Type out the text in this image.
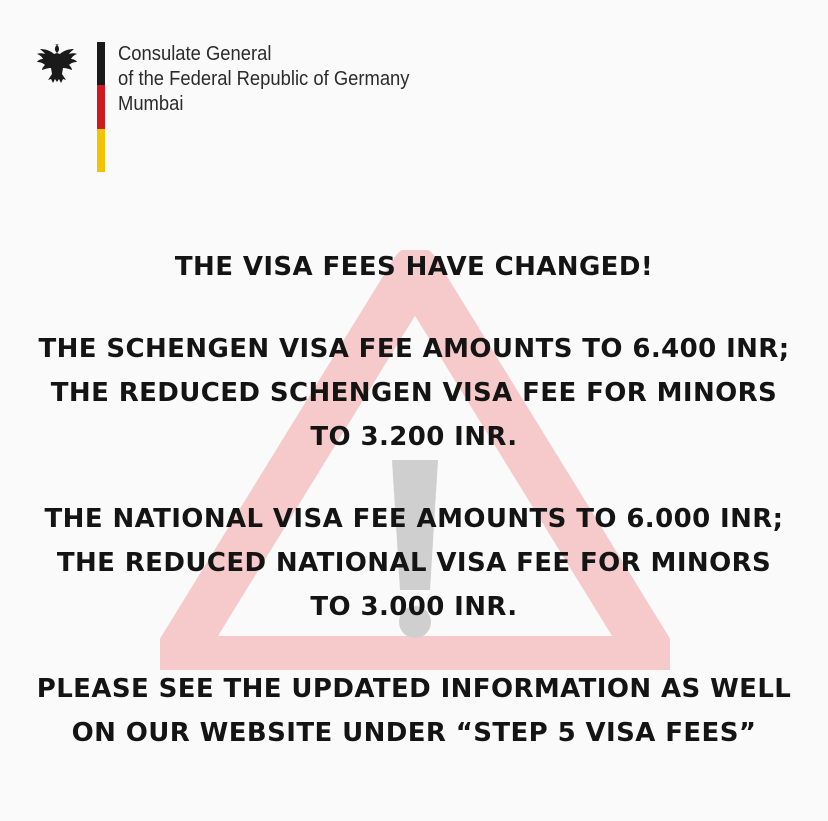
Consulate General
of the Federal Republic of Germany
Mumbai
THE VISA FEES HAVE CHANGED!
THE SCHENGEN VISA FEE AMOUNTS TO 6.400 INR;
THE REDUCED SCHENGEN VISA FEE FOR MINORS
TO 3.200 INR.
THE NATIONAL VISA FEE AMOUNTS TO 6.000 INR;
THE REDUCED NATIONAL VISA FEE FOR MINORS
TO 3.000 INR.
PLEASE SEE THE UPDATED INFORMATION AS WELL
ON OUR WEBSITE UNDER “STEP 5 VISA FEES”
